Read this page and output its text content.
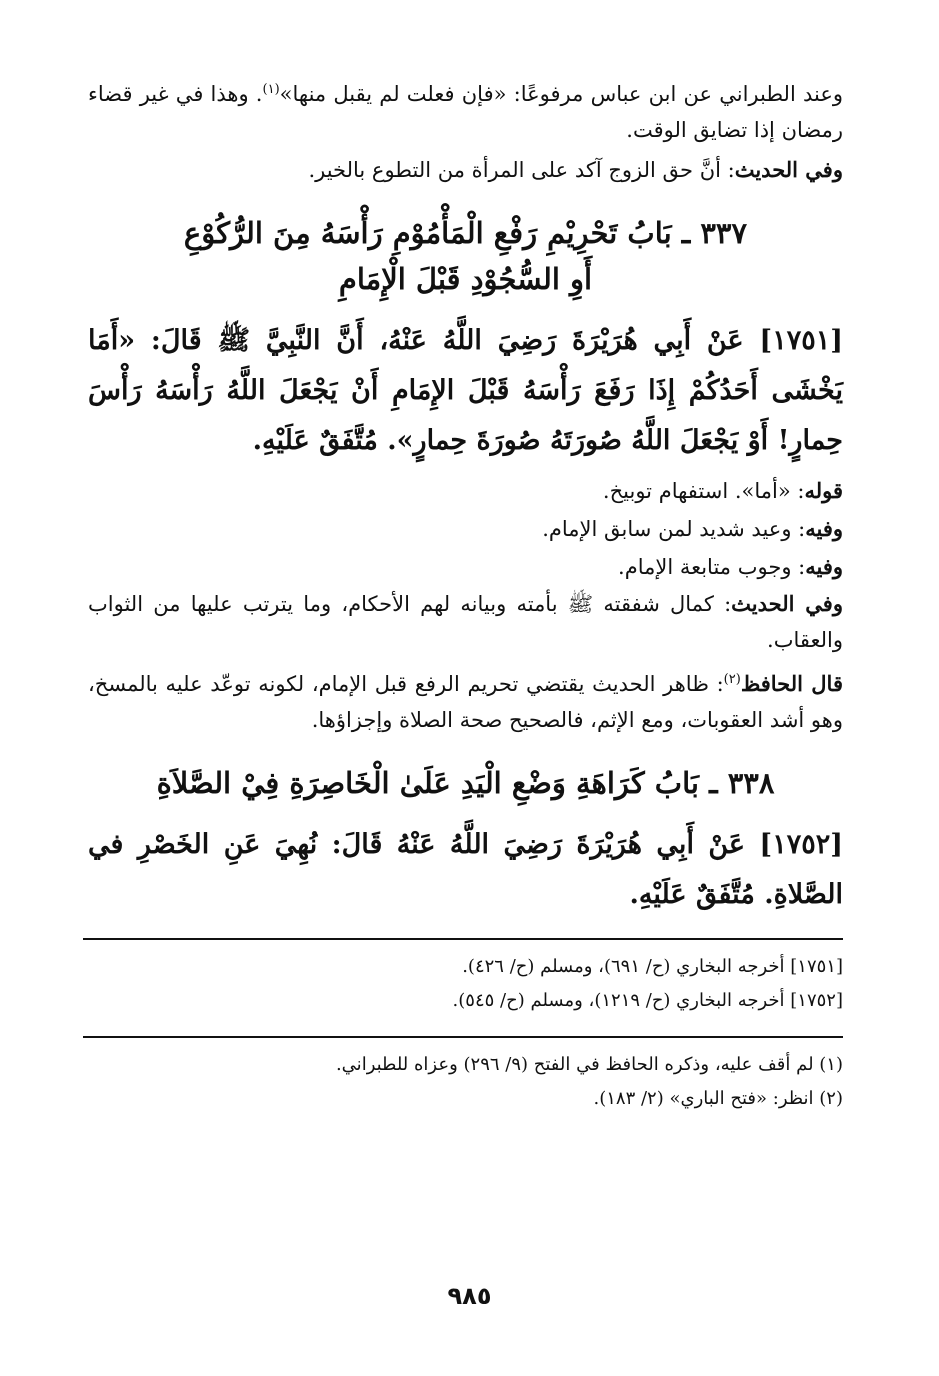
وعند الطبراني عن ابن عباس مرفوعًا: «فإن فعلت لم يقبل منها»$^{(١)}$. وهذا في غير قضاء رمضان إذا تضايق الوقت.

وفي الحديث: أنَّ حق الزوج آكد على المرأة من التطوع بالخير.

٣٣٧ ـ بَابُ تَحْرِيْمِ رَفْعِ الْمَأْمُوْمِ رَأْسَهُ مِنَ الرُّكُوْعِ
أَوِ السُّجُوْدِ قَبْلَ الْإِمَامِ

[١٧٥١] عَنْ أَبِي هُرَيْرَةَ رَضِيَ اللَّهُ عَنْهُ، أَنَّ النَّبِيَّ ﷺ قَالَ: «أَمَا يَخْشَى أَحَدُكُمْ إِذَا رَفَعَ رَأْسَهُ قَبْلَ الإِمَامِ أَنْ يَجْعَلَ اللَّهُ رَأْسَهُ رَأْسَ حِمارٍ! أَوْ يَجْعَلَ اللَّهُ صُورَتَهُ صُورَةَ حِمارٍ». مُتَّفَقٌ عَلَيْهِ.

قوله: «أما». استفهام توبيخ.

وفيه: وعيد شديد لمن سابق الإمام.

وفيه: وجوب متابعة الإمام.

وفي الحديث: كمال شفقته ﷺ بأمته وبيانه لهم الأحكام، وما يترتب عليها من الثواب والعقاب.

قال الحافظ$^{(٢)}$: ظاهر الحديث يقتضي تحريم الرفع قبل الإمام، لكونه توعّد عليه بالمسخ، وهو أشد العقوبات، ومع الإثم، فالصحيح صحة الصلاة وإجزاؤها.

٣٣٨ ـ بَابُ كَرَاهَةِ وَضْعِ الْيَدِ عَلَىٰ الْخَاصِرَةِ فِيْ الصَّلاَةِ

[١٧٥٢] عَنْ أَبِي هُرَيْرَةَ رَضِيَ اللَّهُ عَنْهُ قَالَ: نُهِيَ عَنِ الخَصْرِ في الصَّلاةِ. مُتَّفَقٌ عَلَيْهِ.

[١٧٥١] أخرجه البخاري (ح/ ٦٩١)، ومسلم (ح/ ٤٢٦).

[١٧٥٢] أخرجه البخاري (ح/ ١٢١٩)، ومسلم (ح/ ٥٤٥).

(١) لم أقف عليه، وذكره الحافظ في الفتح (٩/ ٢٩٦) وعزاه للطبراني.

(٢) انظر: «فتح الباري» (٢/ ١٨٣).

٩٨٥
